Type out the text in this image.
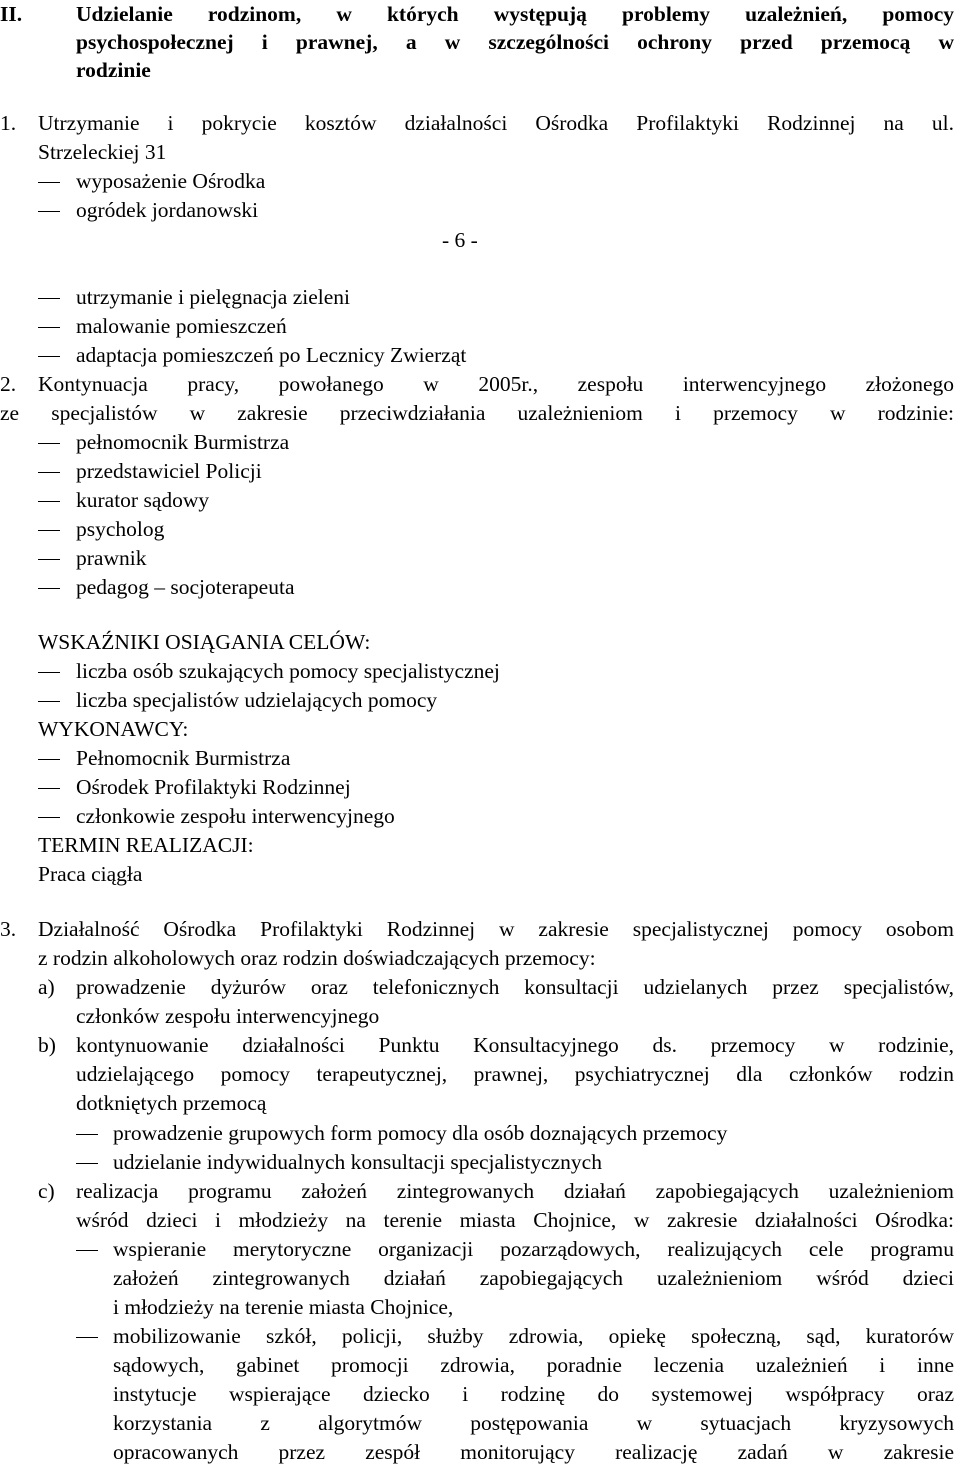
II.	Udzielanie rodzinom, w których występują problemy uzależnień, pomocy
psychospołecznej i prawnej, a w szczególności ochrony przed przemocą w
rodzinie
1. Utrzymanie i pokrycie kosztów działalności Ośrodka Profilaktyki Rodzinnej na ul.
Strzeleckiej 31
wyposażenie Ośrodka
ogródek jordanowski
- 6 -
utrzymanie i pielęgnacja zieleni
malowanie pomieszczeń
adaptacja pomieszczeń po Lecznicy Zwierząt
2. Kontynuacja pracy, powołanego w 2005r., zespołu interwencyjnego złożonego
ze specjalistów w zakresie przeciwdziałania uzależnieniom i przemocy w rodzinie:
pełnomocnik Burmistrza
przedstawiciel Policji
kurator sądowy
psycholog
prawnik
pedagog – socjoterapeuta
WSKAŹNIKI OSIĄGANIA CELÓW:
liczba osób szukających pomocy specjalistycznej
liczba specjalistów udzielających pomocy
WYKONAWCY:
Pełnomocnik Burmistrza
Ośrodek Profilaktyki Rodzinnej
członkowie zespołu interwencyjnego
TERMIN REALIZACJI:
Praca ciągła
3. Działalność Ośrodka Profilaktyki Rodzinnej w zakresie specjalistycznej pomocy osobom
z rodzin alkoholowych oraz rodzin doświadczających przemocy:
a) prowadzenie dyżurów oraz telefonicznych konsultacji udzielanych przez specjalistów,
członków zespołu interwencyjnego
b) kontynuowanie działalności Punktu Konsultacyjnego ds. przemocy w rodzinie,
udzielającego pomocy terapeutycznej, prawnej, psychiatrycznej dla członków rodzin
dotkniętych przemocą
prowadzenie grupowych form pomocy dla osób doznających przemocy
udzielanie indywidualnych konsultacji specjalistycznych
c) realizacja programu założeń zintegrowanych działań zapobiegających uzależnieniom
wśród dzieci i młodzieży na terenie miasta Chojnice, w zakresie działalności Ośrodka:
wspieranie merytoryczne organizacji pozarządowych, realizujących cele programu
założeń zintegrowanych działań zapobiegających uzależnieniom wśród dzieci
i młodzieży na terenie miasta Chojnice,
mobilizowanie szkół, policji, służby zdrowia, opiekę społeczną, sąd, kuratorów
sądowych, gabinet promocji zdrowia, poradnie leczenia uzależnień i inne
instytucje wspierające dziecko i rodzinę do systemowej współpracy oraz
korzystania z algorytmów postępowania w sytuacjach kryzysowych
opracowanych przez zespół monitorujący realizację zadań w zakresie
